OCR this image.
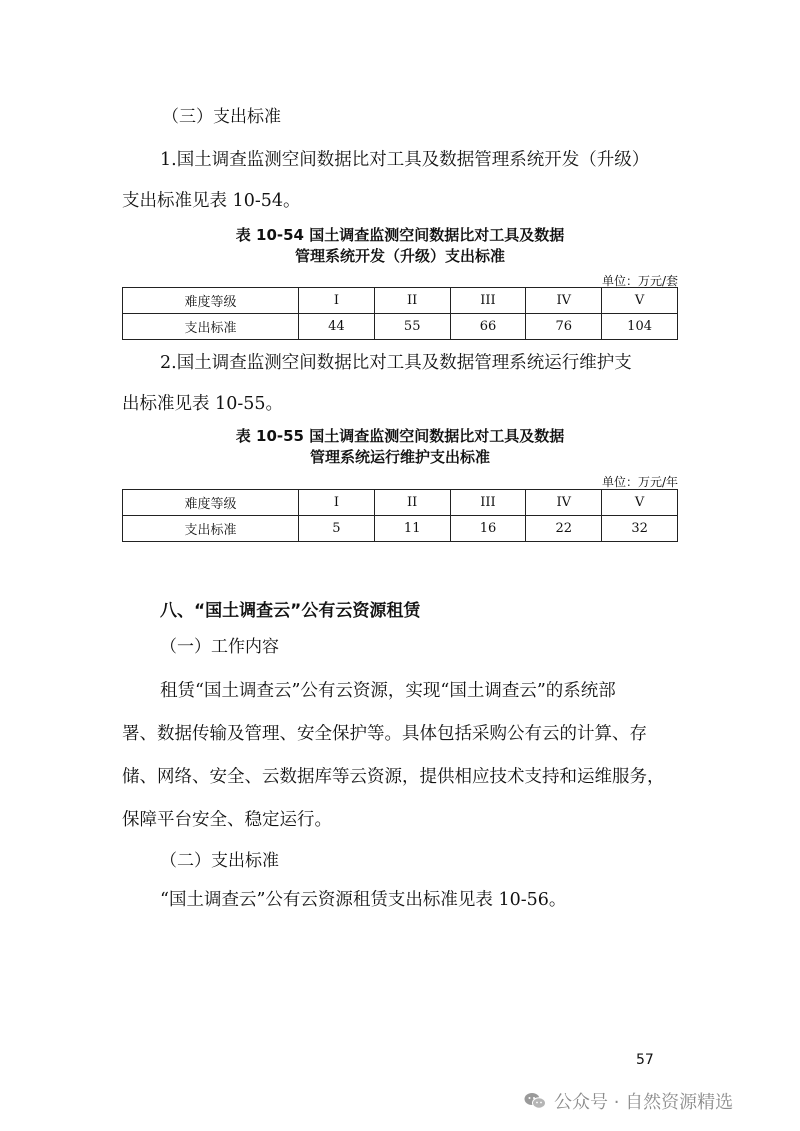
（三）支出标准
1.国土调查监测空间数据比对工具及数据管理系统开发（升级）
支出标准见表 10-54。
表 10-54 国土调查监测空间数据比对工具及数据
管理系统开发（升级）支出标准
单位：万元/套
难度等级	I	II	III	IV	V
支出标准	44	55	66	76	104
2.国土调查监测空间数据比对工具及数据管理系统运行维护支
出标准见表 10-55。
表 10-55 国土调查监测空间数据比对工具及数据
管理系统运行维护支出标准
单位：万元/年
难度等级	I	II	III	IV	V
支出标准	5	11	16	22	32
八、“国土调查云”公有云资源租赁
（一）工作内容
租赁“国土调查云”公有云资源，实现“国土调查云”的系统部
署、数据传输及管理、安全保护等。具体包括采购公有云的计算、存
储、网络、安全、云数据库等云资源，提供相应技术支持和运维服务，
保障平台安全、稳定运行。
（二）支出标准
“国土调查云”公有云资源租赁支出标准见表 10-56。
57
公众号 · 自然资源精选
